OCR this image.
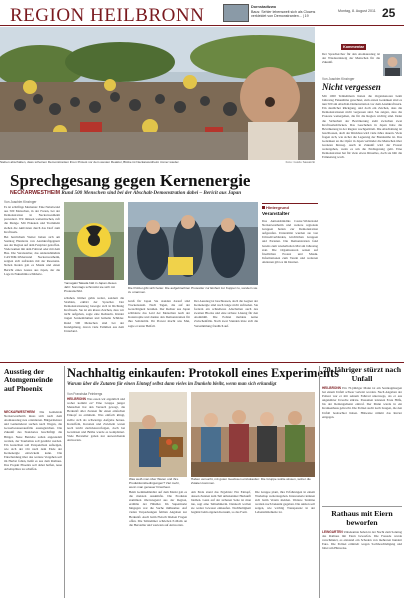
REGION HEILBRONN	Dornstadtzwo
Baus: Sehler lebensweit sich als Clowns verkleidet von Demonstranten... | 19
Montag, 8. August 2011 25
Sieben abschalten, dass scheinen Demonstranten ihren Protest vor dem westen Reaktor, Blicke ist Neckarwestheim immer wieder.	Foto: Guido Sawatzki
Kommentar

Der Sprecherchor für den Atomausstieg ist der Wiedereinsteig der Menschen für die Zukunft.

Von Joachim Kinzinger
Nicht vergessen

Mit 1000 Teilnehmern hatten die Organisatoren beim Jahrestag Fukushima gerechnet, zum ersten Gedenken sind es nun 500 am Abschalt-Demonstration vor dem Atomkraftwerk. Ein deutlicher Rückgang, und doch ein Zeichen, dass die Demonstrationen nicht vergessen sind. Sie zeigen, dass die Proteste weitergehen, die für die Region wichtig sind. Denn die Sicherheit der Bevölkerung steht zwischen zwei Kraftwerksblöcken. Das Geschehen in Japan habe die Bevölkerung in der Region wachgerüttelt. Die Abschaltung ist beschlossen, doch der Rückbau wird viele Jahre dauern. Viele fragen sich, wie sicher die Lagerung der Brennstäbe ist. Das Gedenken an die Opfer in Japan verbindet die Menschen über Grenzen hinweg. Auch in Zukunft wird der Protest weitergehen, wenn es um die Endlagerung geht. Eine Demonstration hat für viele etwas Rituelles, doch sie hält die Erinnerung wach.

Sprechgesang gegen Kernenergie
NECKARWESTHEIM Rund 500 Menschen sind bei der Abschalt-Demonstration dabei – Bericit aus Japan

Von Joachim Kinzinger

Es ist schriftige Momente: Eine Nebelwand aus 500 Menschen, in der Freien, bei der Demonstration in Neckarwestheim protestiert. Wir müssen weitermachen, ruft die Menge. Mit Plakaten und Trommeln ziehen die Aktivisten durch das Dorf zum Kraftwerk.

Bei herrlichem Wetter haben sich am Sonntag Hunderte von Atomkraftgegnern aus der Region auf dem Festplatz getroffen. Viele kamen mit dem Fahrrad oder mit dem Bus. Die Veranstalter, das Aktionsbündnis CASTOR-Widerstand Neckarwestheim, zeigten sich zufrieden mit der Resonanz. Neben Reden gab es Musik und einen Bericht eines Gastes aus Japan, der die Lage in Fukushima schilderte.

Yamagaki Takada hält in Japan dieses Jahr: Sonntags schmückt sie sich mit Protestschild.
Die Polizei gibt sich heiter. Die aufgebrachten Protestler zur Einheit zur Kuppel zu, sondern sie zu umarmen.

schuhen. Immer gehts weiter, sondern die Strahlen, erklärt der Sprecher. Der Demonstrationszug bewegte sich in Richtung Kraftwerk. Sie ist ein klares Zeichen, dass wir nicht aufgeben, sagte eine Rednerin. Kinder trugen Sonnenblumen und bemalte Schilder. Rund 500 Menschen sind bei der Kundgebung, davon viele Familien aus dem Unterland.

Gruß für Japan Sie standen darauf sind Trockenstaub. Nach Tagen, die auf der Gerechtigkeit beruhen. Der Redner aus Japan schilderte das Leid der Menschen nach der Katastrophe und dankte den Demonstranten für ihre Solidarität. Ihr Protest macht uns Mut, sagte er unter Beifall.

Der Ausstieg ist beschlossen, doch die Gegner der Kernenergie sind noch lange nicht zufrieden. Sie fordern ein schnelleres Abschalten auch des zweiten Blocks und eine sichere Lösung für den Atommüll. Die Polizei meldete keine Zwischenfälle. Nach zwei Stunden löste sich die Versammlung friedlich auf.

Hintergrund
Veranstalter

Das Aktionsbündnis Castor-Widerstand Neckarwestheim und weitere regionale Gruppen hatten zur Demonstration aufgerufen. Unterstützt wurden sie von Umweltverbänden, kirchlichen Gruppen und Parteien. Die Demonstration fand bereits zum wiederholten Mal am Jahrestag statt. Die Organisatoren setzen auf friedlichen Protest und Musik. Informationen zum Verein und weiteren Aktionen gibt es im Internet.

Ausstieg der Atomgemeinde auf Phoenix

NECKARWESTHEIM Die Gemeinde Neckarwestheim muss sich nach dem Atomausstieg neu orientieren. Bürgermeister und Gemeinderat suchen nach Wegen, die Gewerbesteuerausfälle auszugleichen. Die Zukunft des Standortes beschäftigt die Bürger. Neue Betriebe sollen angesiedelt werden, der Tourismus soll gestärkt werden. Ein Gutachten soll Perspektiven aufzeigen, wie sich der Ort nach dem Ende der Kernenergie entwickeln kann. Die Entscheidung über das weitere Vorgehen soll im Herbst fallen, heißt es aus dem Rathaus. Das Projekt Phoenix soll dabei helfen, neue Arbeitsplätze zu schaffen.

Nachhaltig einkaufen: Protokoll eines Experiments
Warum über die Zutaten für einen Eintopf selbst dann vieles im Dunkeln bleibt, wenn man sich erkundigt

Von Franziska Feinbergs

HEILBRONN Was essen wir eigentlich und woher kommt es? Eine Gruppe junger Menschen hat den Versuch gewagt, die Herkunft aller Zutaten für einen einfachen Eintopf zu ermitteln. Was einfach klingt, stellte sich als schwierige Aufgabe heraus. Kartoffeln, Karotten und Zwiebeln waren noch leicht zurückzuverfolgen, doch bei Gewürzen und Brühe wurde es kompliziert. Viele Hersteller gaben nur ausweichende Antworten.

Was weiß man über Waren und ihre Produktionsbedingungen? Viel mehr, wenn man genauer hinschaut.
Haben versucht, mit guten Gewissen einzukaufen: Die Gruppe wollte wissen, woher die Zutaten kommen.

Beim Gemüsehändler auf dem Markt gab es die meisten Auskünfte. Die Produkte stammten überwiegend aus der Region, erzählte der Händler. Im Supermarkt hingegen war die Suche mühsamer. Auf vielen Verpackungen fehlten Angaben zur Herkunft. Auch beim Fleisch blieben Fragen offen. Die Teilnehmer schrieben E-Mails an die Hersteller und warteten auf Antworten.

Am Ende stand das Ergebnis: Ein Eintopf, dessen Zutaten zum Teil unbekannter Herkunft bleiben. Ganz auf der sicheren Seite ist man nie, sagt eine Teilnehmerin. Dennoch wollen sie weiter bewusst einkaufen. Nachhaltigkeit beginnt beim eigenen Konsum, so das Fazit.

Die Gruppe plant, ihre Erfahrungen in einem Workshop weiterzugeben. Interessierte können sich beim Verein melden. Weitere Termine werden noch bekannt gegeben. Die Aktion soll zeigen, wie wichtig Transparenz in der Lebensmittelkette ist.

70-Jähriger stürzt nach Unfall

HEILBRONN Ein 70-jähriger Mann ist am Sonntagmorgen bei einem Unfall schwer verletzt worden. Nach Angaben der Polizei war er mit seinem Fahrrad unterwegs, als er aus ungeklärter Ursache stürzte. Passanten leisteten Erste Hilfe, bis der Rettungsdienst eintraf. Der Mann wurde in ein Krankenhaus gebracht. Die Polizei sucht nach Zeugen, die den Unfall beobachtet haben. Hinweise nimmt das Revier entgegen.

Rathaus mit Eiern beworfen

LEINGARTEN Unbekannte haben in der Nacht zum Sonntag das Rathaus mit Eiern beworfen. Die Fassade wurde verschmutzt, es entstand ein Schaden von mehreren hundert Euro. Die Polizei ermittelt wegen Sachbeschädigung und bittet um Hinweise.
